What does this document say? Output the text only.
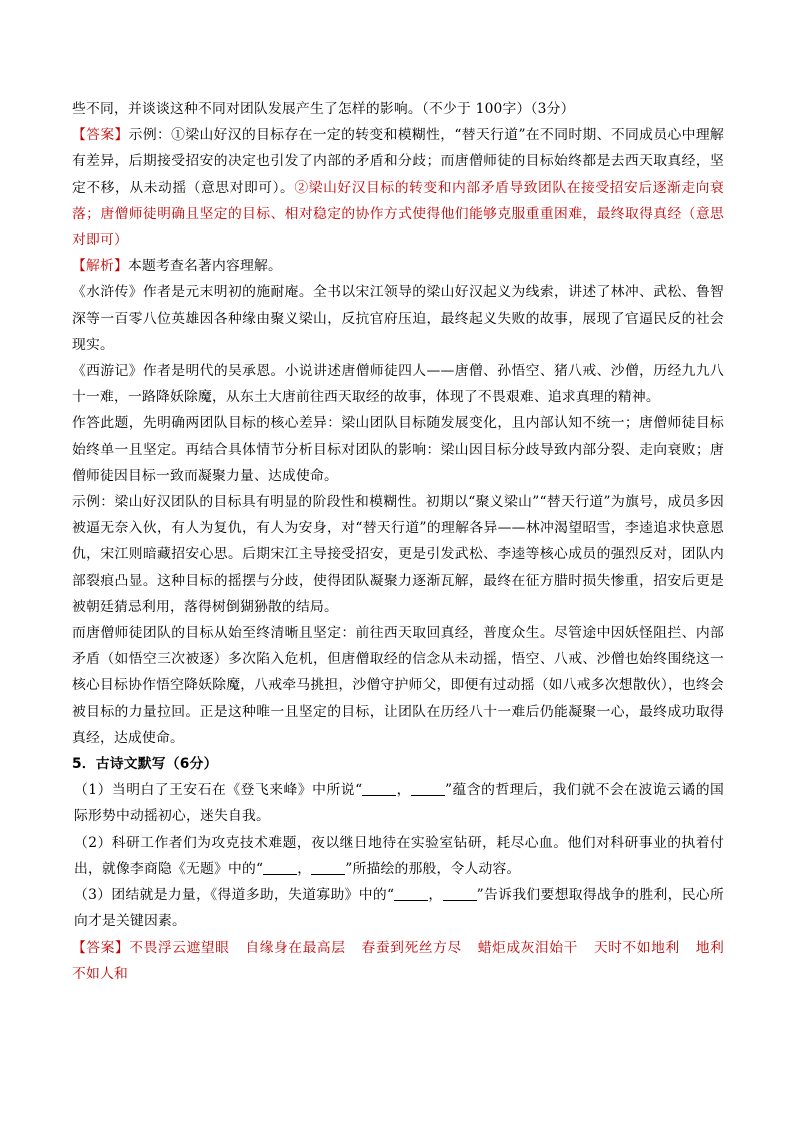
些不同，并谈谈这种不同对团队发展产生了怎样的影响。（不少于 100字）（3分）

【答案】示例：①梁山好汉的目标存在一定的转变和模糊性，“替天行道”在不同时期、不同成员心中理解有差异，后期接受招安的决定也引发了内部的矛盾和分歧；而唐僧师徒的目标始终都是去西天取真经，坚定不移，从未动摇（意思对即可）。②梁山好汉目标的转变和内部矛盾导致团队在接受招安后逐渐走向衰落；唐僧师徒明确且坚定的目标、相对稳定的协作方式使得他们能够克服重重困难，最终取得真经（意思对即可）

【解析】本题考查名著内容理解。

《水浒传》作者是元末明初的施耐庵。全书以宋江领导的梁山好汉起义为线索，讲述了林冲、武松、鲁智深等一百零八位英雄因各种缘由聚义梁山，反抗官府压迫，最终起义失败的故事，展现了官逼民反的社会现实。

《西游记》作者是明代的吴承恩。小说讲述唐僧师徒四人——唐僧、孙悟空、猪八戒、沙僧，历经九九八十一难，一路降妖除魔，从东土大唐前往西天取经的故事，体现了不畏艰难、追求真理的精神。

作答此题，先明确两团队目标的核心差异：梁山团队目标随发展变化，且内部认知不统一；唐僧师徒目标始终单一且坚定。再结合具体情节分析目标对团队的影响：梁山因目标分歧导致内部分裂、走向衰败；唐僧师徒因目标一致而凝聚力量、达成使命。

示例：梁山好汉团队的目标具有明显的阶段性和模糊性。初期以“聚义梁山”“替天行道”为旗号，成员多因被逼无奈入伙，有人为复仇，有人为安身，对“替天行道”的理解各异——林冲渴望昭雪，李逵追求快意恩仇，宋江则暗藏招安心思。后期宋江主导接受招安，更是引发武松、李逵等核心成员的强烈反对，团队内部裂痕凸显。这种目标的摇摆与分歧，使得团队凝聚力逐渐瓦解，最终在征方腊时损失惨重，招安后更是被朝廷猜忌利用，落得树倒猢狲散的结局。

而唐僧师徒团队的目标从始至终清晰且坚定：前往西天取回真经，普度众生。尽管途中因妖怪阻拦、内部矛盾（如悟空三次被逐）多次陷入危机，但唐僧取经的信念从未动摇，悟空、八戒、沙僧也始终围绕这一核心目标协作悟空降妖除魔，八戒牵马挑担，沙僧守护师父，即便有过动摇（如八戒多次想散伙），也终会被目标的力量拉回。正是这种唯一且坚定的目标，让团队在历经八十一难后仍能凝聚一心，最终成功取得真经，达成使命。

5．古诗文默写（6分）

（1）当明白了王安石在《登飞来峰》中所说“ ， ”蕴含的哲理后，我们就不会在波诡云谲的国际形势中动摇初心，迷失自我。

（2）科研工作者们为攻克技术难题，夜以继日地待在实验室钻研，耗尽心血。他们对科研事业的执着付出，就像李商隐《无题》中的“ ， ”所描绘的那般，令人动容。

（3）团结就是力量，《得道多助，失道寡助》中的“ ， ”告诉我们要想取得战争的胜利，民心所向才是关键因素。

【答案】不畏浮云遮望眼 自缘身在最高层 春蚕到死丝方尽 蜡炬成灰泪始干 天时不如地利 地利不如人和
